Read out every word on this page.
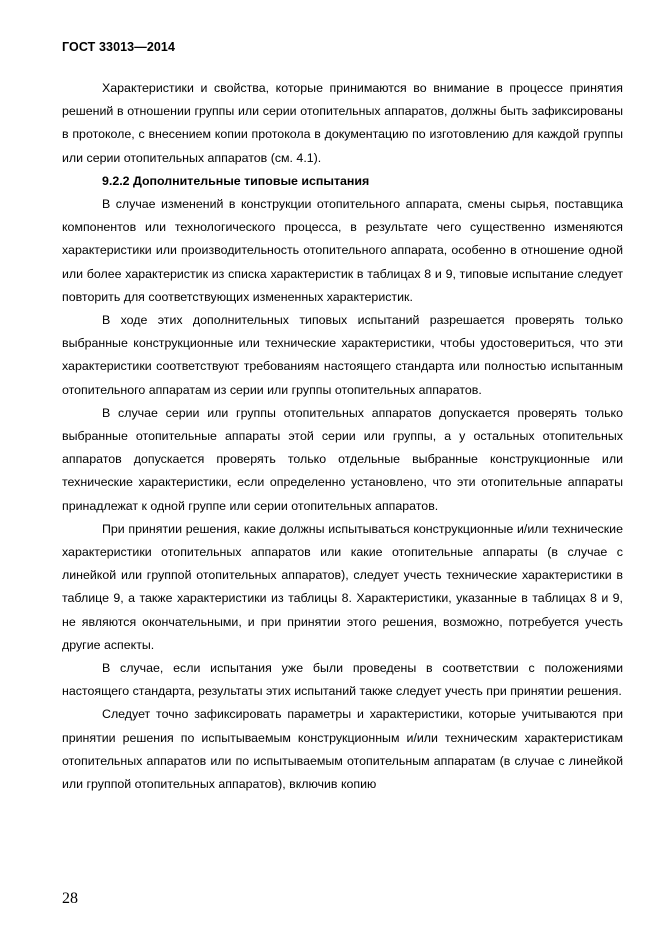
ГОСТ 33013—2014

Характеристики и свойства, которые принимаются во внимание в процессе принятия решений в отношении группы или серии отопительных аппаратов, должны быть зафиксированы в протоколе, с внесением копии протокола в документацию по изготовлению для каждой группы или серии отопительных аппаратов (см. 4.1).

9.2.2 Дополнительные типовые испытания

В случае изменений в конструкции отопительного аппарата, смены сырья, поставщика компонентов или технологического процесса, в результате чего существенно изменяются характеристики или производительность отопительного аппарата, особенно в отношение одной или более характеристик из списка характеристик в таблицах 8 и 9, типовые испытание следует повторить для соответствующих измененных характеристик.

В ходе этих дополнительных типовых испытаний разрешается проверять только выбранные конструкционные или технические характеристики, чтобы удостовериться, что эти характеристики соответствуют требованиям настоящего стандарта или полностью испытанным отопительного аппаратам из серии или группы отопительных аппаратов.

В случае серии или группы отопительных аппаратов допускается проверять только выбранные отопительные аппараты этой серии или группы, а у остальных отопительных аппаратов допускается проверять только отдельные выбранные конструкционные или технические характеристики, если определенно установлено, что эти отопительные аппараты принадлежат к одной группе или серии отопительных аппаратов.

При принятии решения, какие должны испытываться конструкционные и/или технические характеристики отопительных аппаратов или какие отопительные аппараты (в случае с линейкой или группой отопительных аппаратов), следует учесть технические характеристики в таблице 9, а также характеристики из таблицы 8. Характеристики, указанные в таблицах 8 и 9, не являются окончательными, и при принятии этого решения, возможно, потребуется учесть другие аспекты.

В случае, если испытания уже были проведены в соответствии с положениями настоящего стандарта, результаты этих испытаний также следует учесть при принятии решения.

Следует точно зафиксировать параметры и характеристики, которые учитываются при принятии решения по испытываемым конструкционным и/или техническим характеристикам отопительных аппаратов или по испытываемым отопительным аппаратам (в случае с линейкой или группой отопительных аппаратов), включив копию

28
